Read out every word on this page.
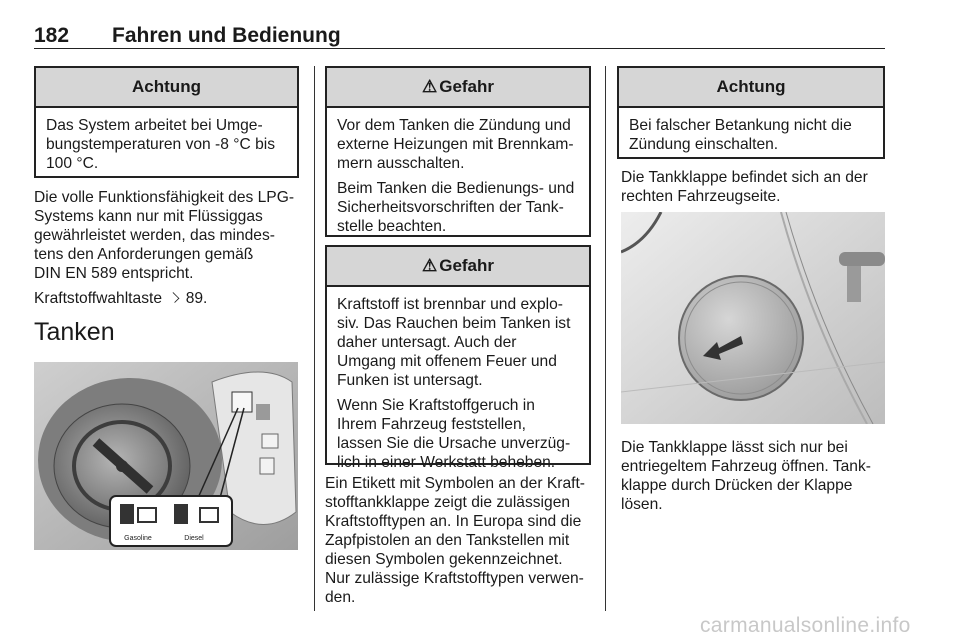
182 Fahren und Bedienung
Achtung
Das System arbeitet bei Umge-
bungstemperaturen von -8 °C bis
100 °C.
Die volle Funktionsfähigkeit des LPG-
Systems kann nur mit Flüssiggas
gewährleistet werden, das mindes-
tens den Anforderungen gemäß
DIN EN 589 entspricht.
Kraftstoffwahltaste 89.
Tanken
Gasoline	Diesel
⚠ Gefahr

Vor dem Tanken die Zündung und
externe Heizungen mit Brennkam-
mern ausschalten.

Beim Tanken die Bedienungs- und
Sicherheitsvorschriften der Tank-
stelle beachten.

⚠ Gefahr

Kraftstoff ist brennbar und explo-
siv. Das Rauchen beim Tanken ist
daher untersagt. Auch der
Umgang mit offenem Feuer und
Funken ist untersagt.

Wenn Sie Kraftstoffgeruch in
Ihrem Fahrzeug feststellen,
lassen Sie die Ursache unverzüg-
lich in einer Werkstatt beheben.

Ein Etikett mit Symbolen an der Kraft-
stofftankklappe zeigt die zulässigen
Kraftstofftypen an. In Europa sind die
Zapfpistolen an den Tankstellen mit
diesen Symbolen gekennzeichnet.
Nur zulässige Kraftstofftypen verwen-
den.
Achtung
Bei falscher Betankung nicht die
Zündung einschalten.
Die Tankklappe befindet sich an der
rechten Fahrzeugseite.
Die Tankklappe lässt sich nur bei
entriegeltem Fahrzeug öffnen. Tank-
klappe durch Drücken der Klappe
lösen.
carmanualsonline.info
